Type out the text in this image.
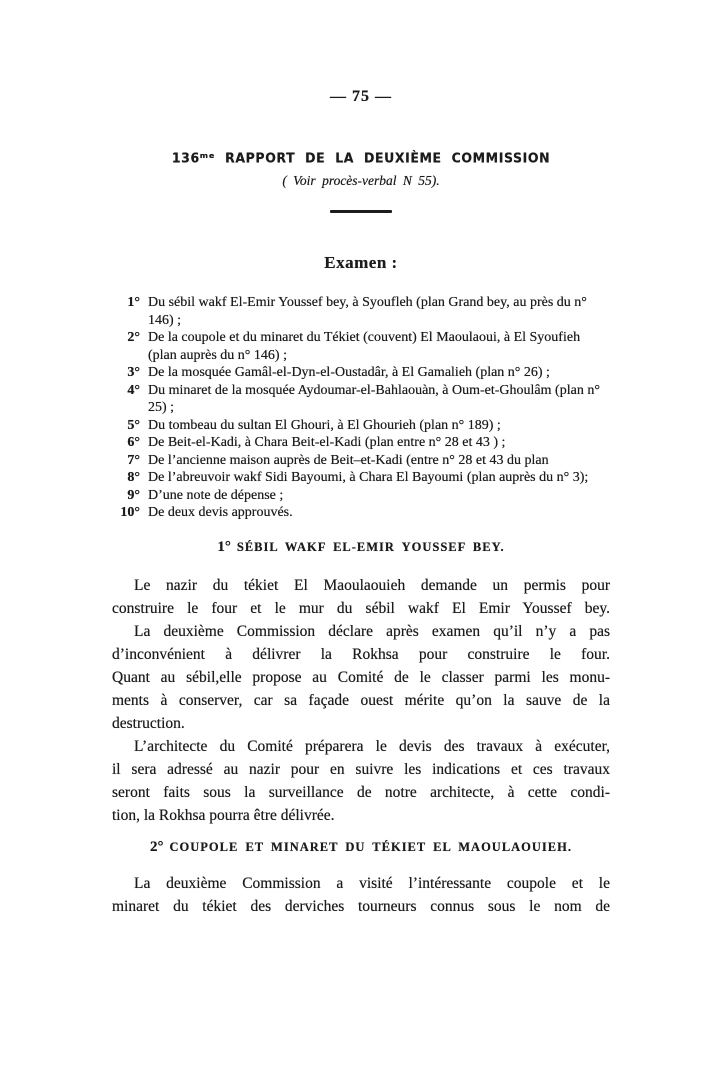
— 75 —
136ᵐᵉ RAPPORT DE LA DEUXIÈME COMMISSION
( Voir procès-verbal N 55).
Examen :
1° Du sébil wakf El-Emir Youssef bey, à Syoufleh (plan Grand bey, au près du n° 146) ;
2° De la coupole et du minaret du Tékiet (couvent) El Maoulaoui, à El Syoufieh (plan auprès du n° 146) ;
3° De la mosquée Gamâl-el-Dyn-el-Oustadâr, à El Gamalieh (plan n° 26) ;
4° Du minaret de la mosquée Aydoumar-el-Bahlaouàn, à Oum-et-Ghoulâm (plan n° 25) ;
5° Du tombeau du sultan El Ghouri, à El Ghourieh (plan n° 189) ;
6° De Beit-el-Kadi, à Chara Beit-el-Kadi (plan entre n° 28 et 43 ) ;
7° De l’ancienne maison auprès de Beit–et-Kadi (entre n° 28 et 43 du plan
8° De l’abreuvoir wakf Sidi Bayoumi, à Chara El Bayoumi (plan auprès du n° 3);
9° D’une note de dépense ;
10° De deux devis approuvés.
1° SÉBIL WAKF EL-EMIR YOUSSEF BEY.
Le nazir du tékiet El Maoulaouieh demande un permis pour
construire le four et le mur du sébil wakf El Emir Youssef bey.
La deuxième Commission déclare après examen qu’il n’y a pas
d’inconvénient à délivrer la Rokhsa pour construire le four.
Quant au sébil,elle propose au Comité de le classer parmi les monu-
ments à conserver, car sa façade ouest mérite qu’on la sauve de la
destruction.
L’architecte du Comité préparera le devis des travaux à exécuter,
il sera adressé au nazir pour en suivre les indications et ces travaux
seront faits sous la surveillance de notre architecte, à cette condi-
tion, la Rokhsa pourra être délivrée.
2° COUPOLE ET MINARET DU TÉKIET EL MAOULAOUIEH.
La deuxième Commission a visité l’intéressante coupole et le
minaret du tékiet des derviches tourneurs connus sous le nom de
